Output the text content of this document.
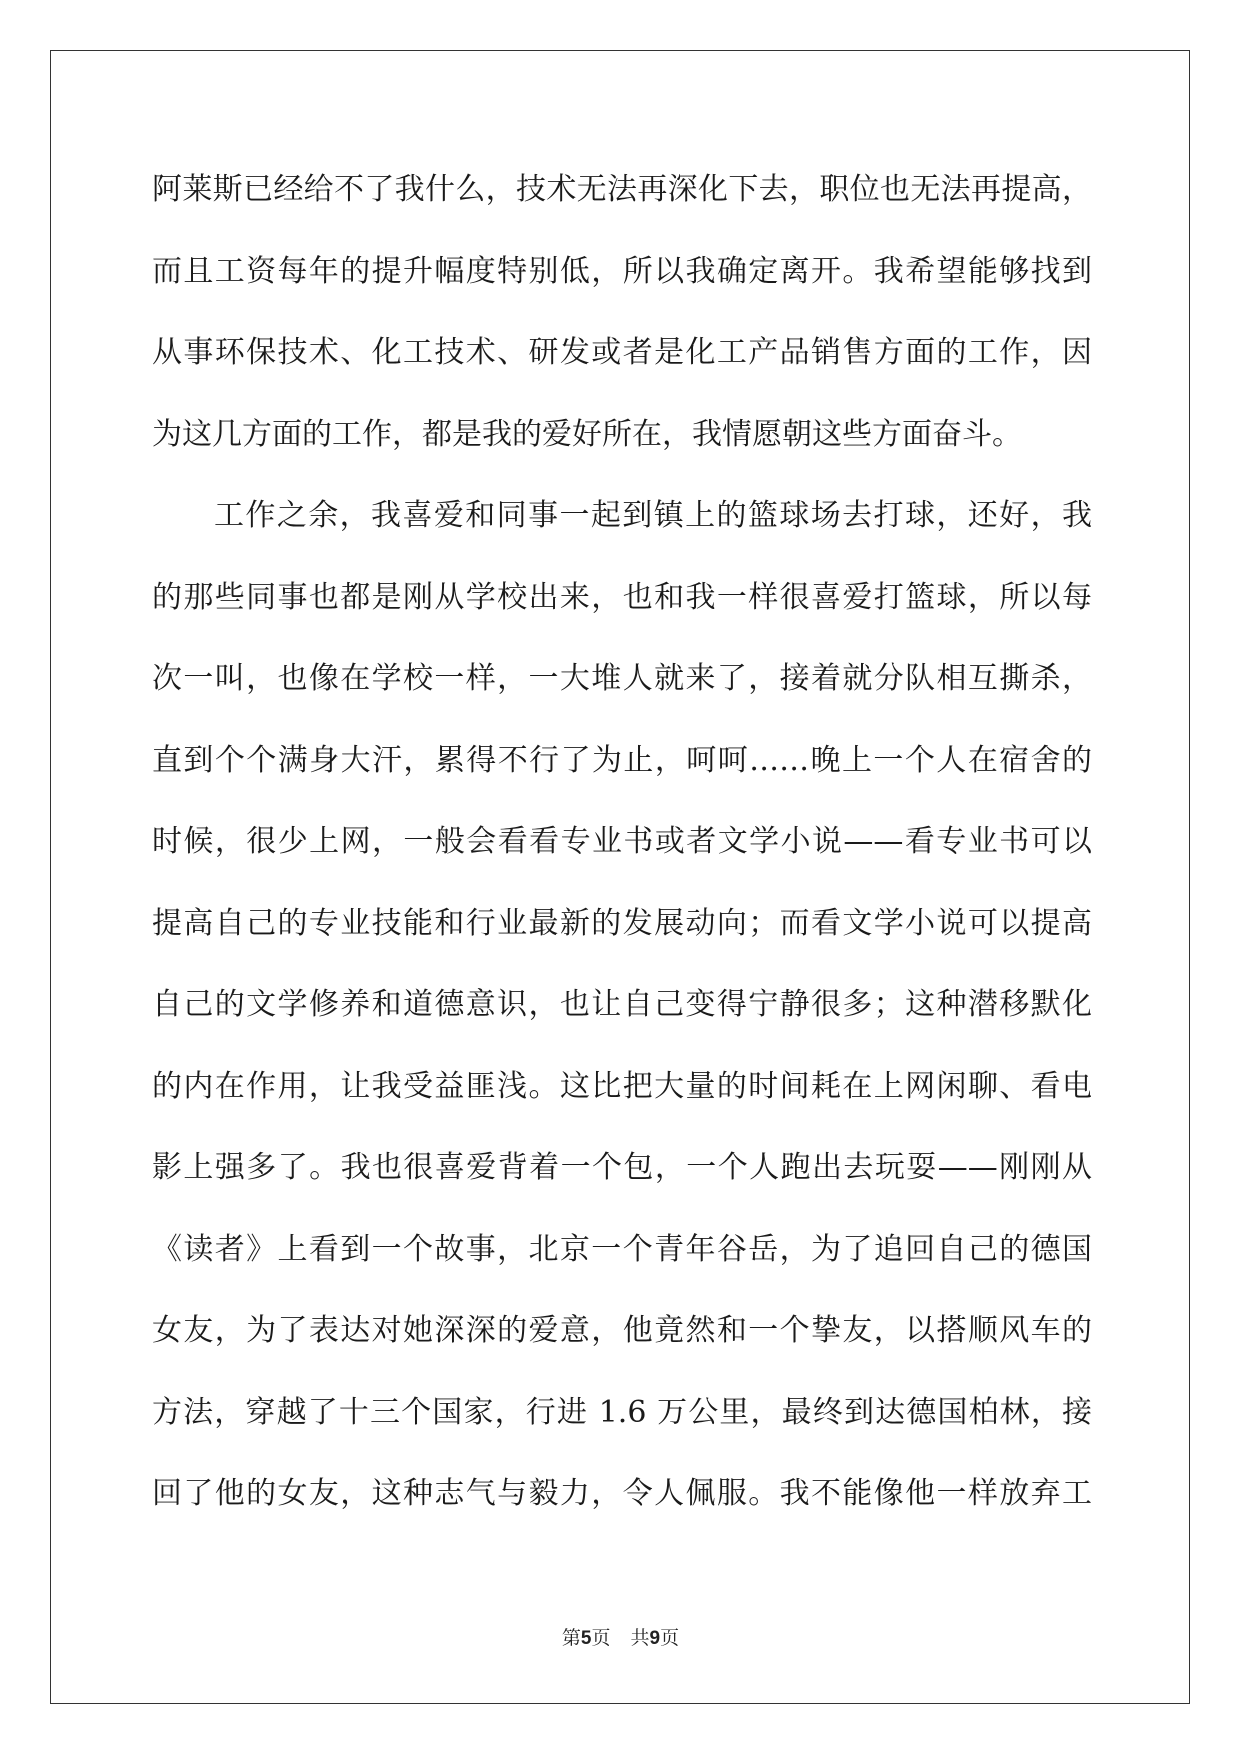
阿莱斯已经给不了我什么，技术无法再深化下去，职位也无法再提高，
而且工资每年的提升幅度特别低，所以我确定离开。我希望能够找到
从事环保技术、化工技术、研发或者是化工产品销售方面的工作，因
为这几方面的工作，都是我的爱好所在，我情愿朝这些方面奋斗。
工作之余，我喜爱和同事一起到镇上的篮球场去打球，还好，我
的那些同事也都是刚从学校出来，也和我一样很喜爱打篮球，所以每
次一叫，也像在学校一样，一大堆人就来了，接着就分队相互撕杀，
直到个个满身大汗，累得不行了为止，呵呵……晚上一个人在宿舍的
时候，很少上网，一般会看看专业书或者文学小说——看专业书可以
提高自己的专业技能和行业最新的发展动向；而看文学小说可以提高
自己的文学修养和道德意识，也让自己变得宁静很多；这种潜移默化
的内在作用，让我受益匪浅。这比把大量的时间耗在上网闲聊、看电
影上强多了。我也很喜爱背着一个包，一个人跑出去玩耍——刚刚从
《读者》上看到一个故事，北京一个青年谷岳，为了追回自己的德国
女友，为了表达对她深深的爱意，他竟然和一个挚友，以搭顺风车的
方法，穿越了十三个国家，行进 1.6 万公里，最终到达德国柏林，接
回了他的女友，这种志气与毅力，令人佩服。我不能像他一样放弃工
第5页 共9页
